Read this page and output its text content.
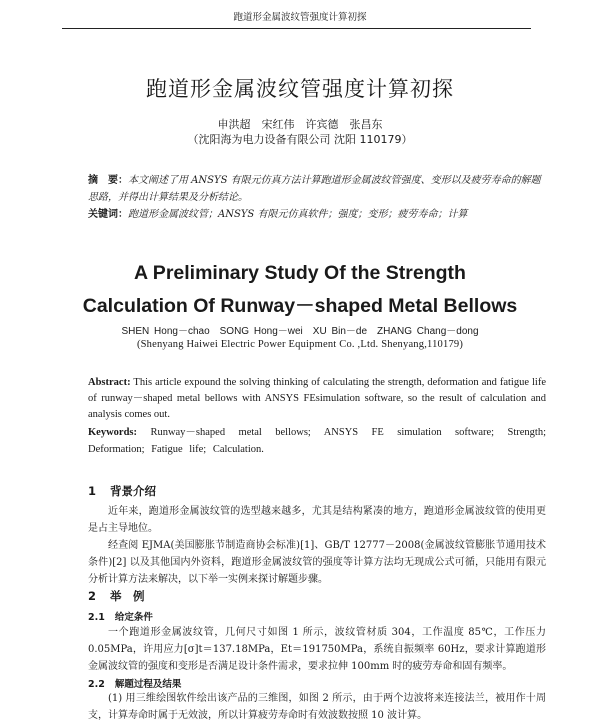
跑道形金属波纹管强度计算初探
跑道形金属波纹管强度计算初探
申洪超　宋红伟　许宾德　张昌东
（沈阳海为电力设备有限公司 沈阳 110179）
摘　要：本文阐述了用 ANSYS 有限元仿真方法计算跑道形金属波纹管强度、变形以及疲劳寿命的解题思路，并得出计算结果及分析结论。
关键词：跑道形金属波纹管；ANSYS 有限元仿真软件；强度；变形；疲劳寿命；计算
A Preliminary Study Of the Strength
Calculation Of Runway－shaped Metal Bellows
SHEN Hong－chao　SONG Hong－wei　XU Bin－de　ZHANG Chang－dong
(Shenyang Haiwei Electric Power Equipment Co. ,Ltd. Shenyang,110179)
Abstract: This article expound the solving thinking of calculating the strength, deformation and fatigue life of runway－shaped metal bellows with ANSYS FEsimulation software, so the result of calculation and analysis comes out.
Keywords: Runway－shaped metal bellows; ANSYS FE simulation software; Strength; Deformation; Fatigue life; Calculation.
1 背景介绍

近年来，跑道形金属波纹管的选型越来越多，尤其是结构紧凑的地方，跑道形金属波纹管的使用更是占主导地位。

经查阅 EJMA(美国膨胀节制造商协会标准)[1]、GB/T 12777－2008(金属波纹管膨胀节通用技术条件)[2] 以及其他国内外资料，跑道形金属波纹管的强度等计算方法均无现成公式可循，只能用有限元分析计算方法来解决，以下举一实例来探讨解题步骤。

2 举　例
2.1 给定条件

一个跑道形金属波纹管，几何尺寸如图 1 所示，波纹管材质 304，工作温度 85℃，工作压力 0.05MPa，许用应力[σ]t＝137.18MPa，Et＝191750MPa，系统自振频率 60Hz，要求计算跑道形金属波纹管的强度和变形是否满足设计条件需求，要求拉伸 100mm 时的疲劳寿命和固有频率。

2.2 解题过程及结果

(1) 用三维绘图软件绘出该产品的三维图，如图 2 所示，由于两个边波将来连接法兰，被用作十周支，计算寿命时属于无效波，所以计算疲劳寿命时有效波数按照 10 波计算。
